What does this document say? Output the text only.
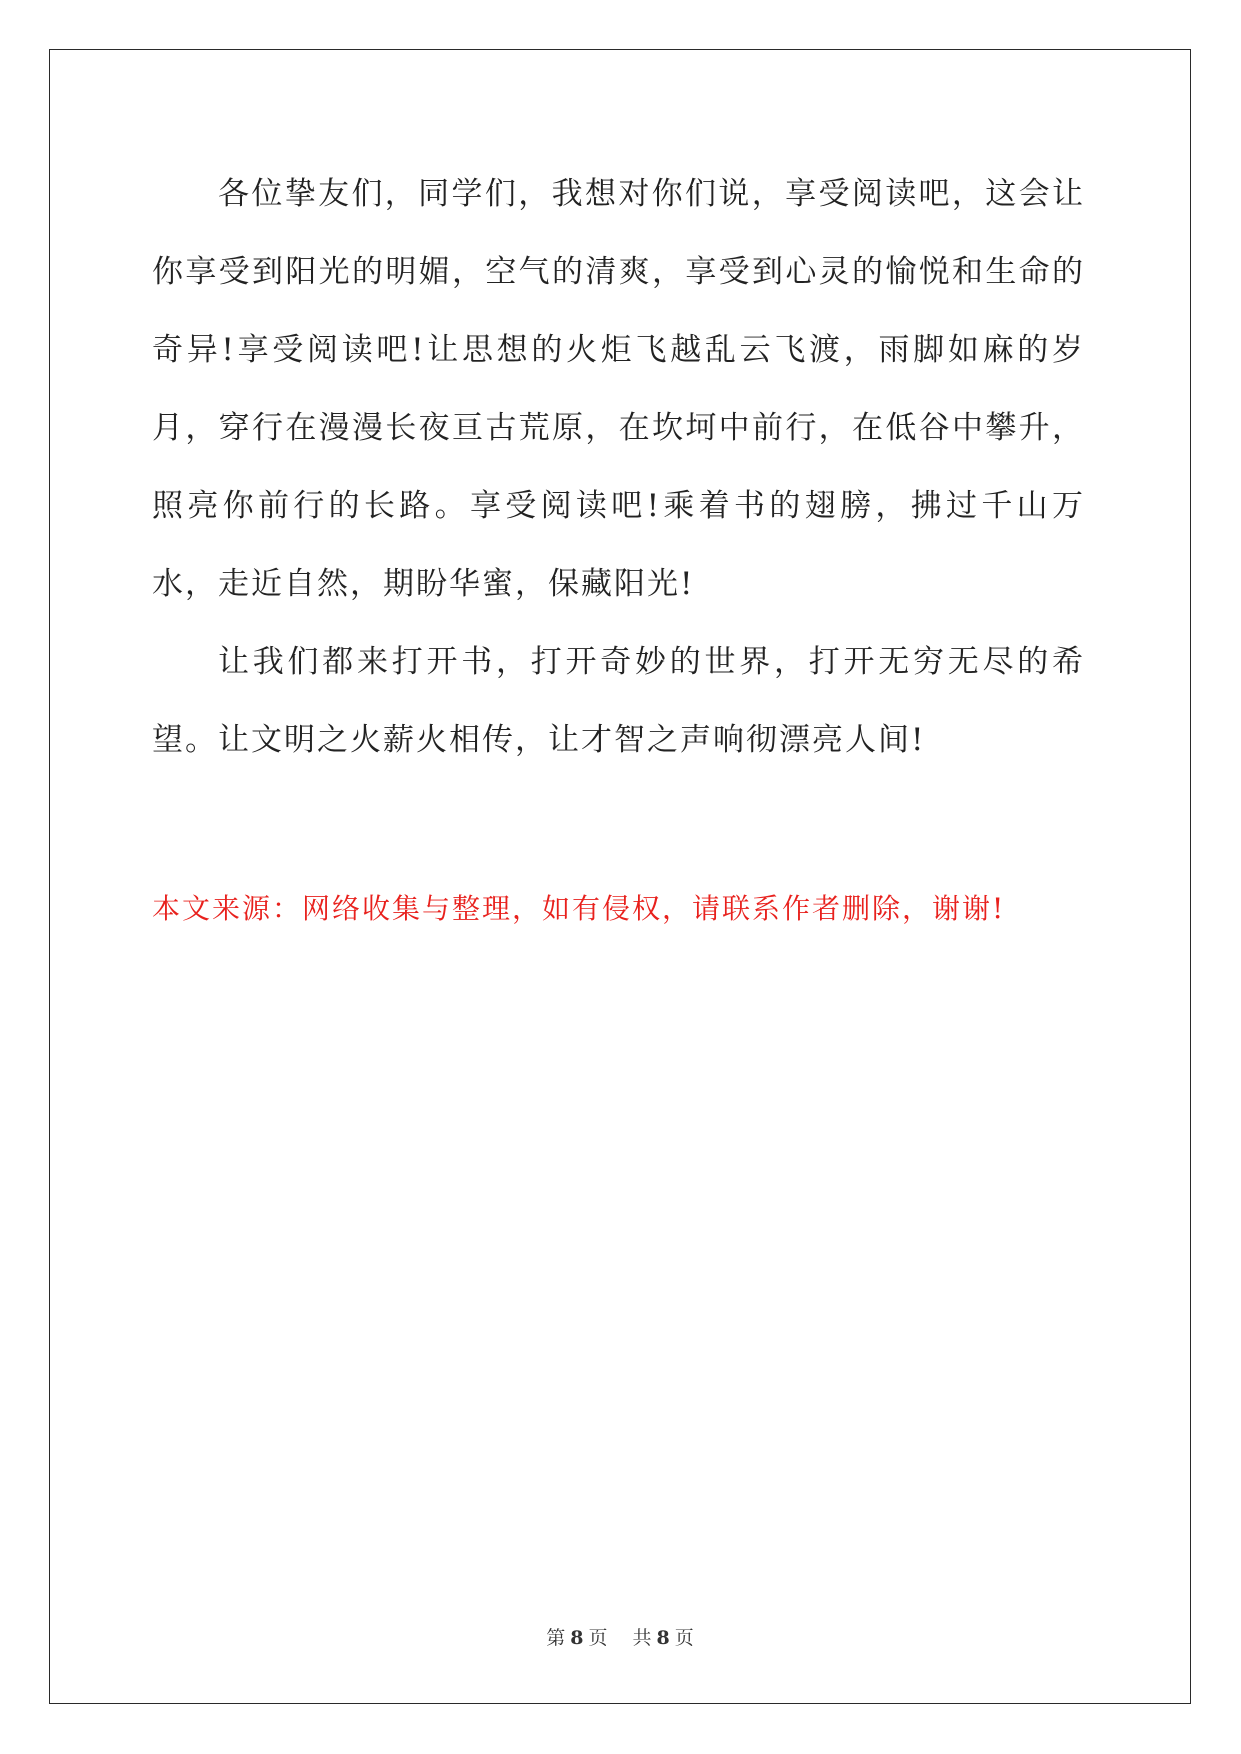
各位挚友们，同学们，我想对你们说，享受阅读吧，这会让你享受到阳光的明媚，空气的清爽，享受到心灵的愉悦和生命的奇异!享受阅读吧!让思想的火炬飞越乱云飞渡，雨脚如麻的岁月，穿行在漫漫长夜亘古荒原，在坎坷中前行，在低谷中攀升，照亮你前行的长路。享受阅读吧!乘着书的翅膀，拂过千山万水，走近自然，期盼华蜜，保藏阳光!

让我们都来打开书，打开奇妙的世界，打开无穷无尽的希望。让文明之火薪火相传，让才智之声响彻漂亮人间!

本文来源：网络收集与整理，如有侵权，请联系作者删除，谢谢!

第 8 页 共 8 页
